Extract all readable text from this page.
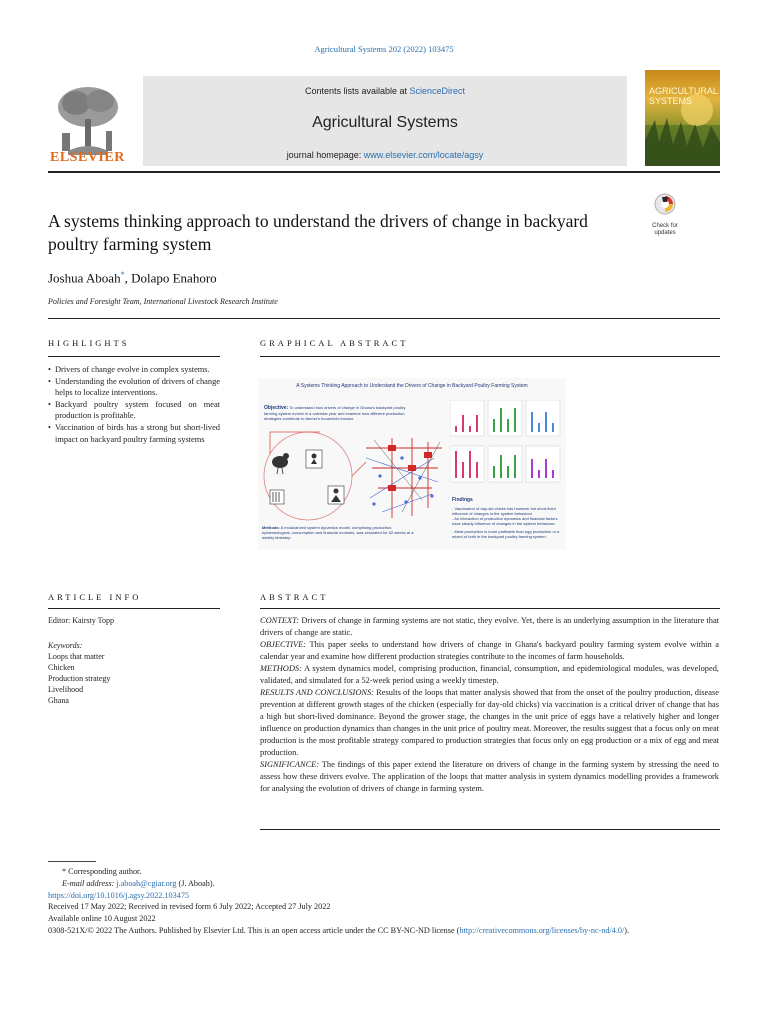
Agricultural Systems 202 (2022) 103475
ELSEVIER
Contents lists available at ScienceDirect
Agricultural Systems
journal homepage: www.elsevier.com/locate/agsy
AGRICULTURAL SYSTEMS
A systems thinking approach to understand the drivers of change in backyard poultry farming system
Check for updates
Joshua Aboah*, Dolapo Enahoro
Policies and Foresight Team, International Livestock Research Institute
HIGHLIGHTS
• Drivers of change evolve in complex systems.
• Understanding the evolution of drivers of change helps to localize interventions.
• Backyard poultry system focused on meat production is profitable.
• Vaccination of birds has a strong but short-lived impact on backyard poultry farming systems
GRAPHICAL ABSTRACT
A Systems Thinking Approach to Understand the Drivers of Change in Backyard Poultry Farming System
Objective: To understand how drivers of change in Ghana's backyard poultry farming system evolve in a calendar year and examine how different production strategies contribute to farmer's household income
Findings
- Vaccination of day-old chicks has however but short-lived influence of changes in the system behaviour
- An interaction of production dynamics and financial factors have steady influence of changes in the system behaviour.
- Meat production is more profitable than egg production or a mixed of both in the backyard poultry farming system.
Methods: A modularized system dynamics model, comprising production, epidemiological, consumption and financial modules, was simulated for 52 weeks at a weekly timestep.
ARTICLE INFO
Editor: Kairsty Topp
Keywords:
Loops that matter
Chicken
Production strategy
Livelihood
Ghana
ABSTRACT

CONTEXT: Drivers of change in farming systems are not static, they evolve. Yet, there is an underlying assumption in the literature that drivers of change are static.

OBJECTIVE: This paper seeks to understand how drivers of change in Ghana's backyard poultry farming system evolve within a calendar year and examine how different production strategies contribute to the incomes of farm households.

METHODS: A system dynamics model, comprising production, financial, consumption, and epidemiological modules, was developed, validated, and simulated for a 52-week period using a weekly timestep.

RESULTS AND CONCLUSIONS: Results of the loops that matter analysis showed that from the onset of the poultry production, disease prevention at different growth stages of the chicken (especially for day-old chicks) via vaccination is a critical driver of change that has a high but short-lived dominance. Beyond the grower stage, the changes in the unit price of eggs have a relatively higher and longer influence on production dynamics than changes in the unit price of poultry meat. Moreover, the results suggest that a focus only on meat production is the most profitable strategy compared to production strategies that focus only on egg production or a mix of egg and meat production.

SIGNIFICANCE: The findings of this paper extend the literature on drivers of change in the farming system by stressing the need to assess how these drivers evolve. The application of the loops that matter analysis in system dynamics modelling provides a framework for analysing the evolution of drivers of change in farming system.

* Corresponding author.
E-mail address: j.aboah@cgiar.org (J. Aboah).
https://doi.org/10.1016/j.agsy.2022.103475
Received 17 May 2022; Received in revised form 6 July 2022; Accepted 27 July 2022
Available online 10 August 2022
0308-521X/© 2022 The Authors. Published by Elsevier Ltd. This is an open access article under the CC BY-NC-ND license (http://creativecommons.org/licenses/by-nc-nd/4.0/).
